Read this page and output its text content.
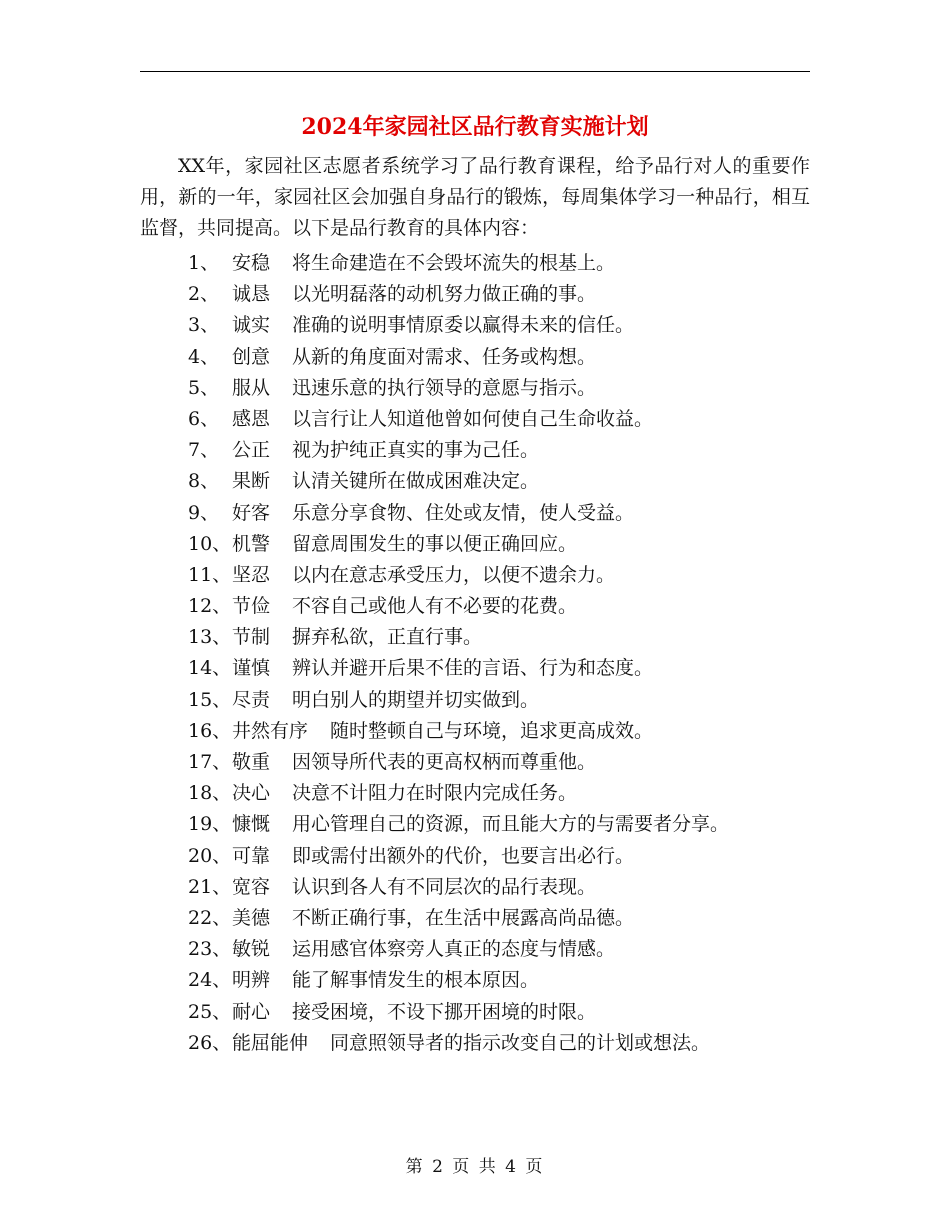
2024年家园社区品行教育实施计划

XX年，家园社区志愿者系统学习了品行教育课程，给予品行对人的重要作用，新的一年，家园社区会加强自身品行的锻炼，每周集体学习一种品行，相互监督，共同提高。以下是品行教育的具体内容：

1、 安稳 将生命建造在不会毁坏流失的根基上。
2、 诚恳 以光明磊落的动机努力做正确的事。
3、 诚实 准确的说明事情原委以赢得未来的信任。
4、 创意 从新的角度面对需求、任务或构想。
5、 服从 迅速乐意的执行领导的意愿与指示。
6、 感恩 以言行让人知道他曾如何使自己生命收益。
7、 公正 视为护纯正真实的事为己任。
8、 果断 认清关键所在做成困难决定。
9、 好客 乐意分享食物、住处或友情，使人受益。
10、机警 留意周围发生的事以便正确回应。
11、坚忍 以内在意志承受压力，以便不遗余力。
12、节俭 不容自己或他人有不必要的花费。
13、节制 摒弃私欲，正直行事。
14、谨慎 辨认并避开后果不佳的言语、行为和态度。
15、尽责 明白别人的期望并切实做到。
16、井然有序 随时整顿自己与环境，追求更高成效。
17、敬重 因领导所代表的更高权柄而尊重他。
18、决心 决意不计阻力在时限内完成任务。
19、慷慨 用心管理自己的资源，而且能大方的与需要者分享。
20、可靠 即或需付出额外的代价，也要言出必行。
21、宽容 认识到各人有不同层次的品行表现。
22、美德 不断正确行事，在生活中展露高尚品德。
23、敏锐 运用感官体察旁人真正的态度与情感。
24、明辨 能了解事情发生的根本原因。
25、耐心 接受困境，不设下挪开困境的时限。
26、能屈能伸 同意照领导者的指示改变自己的计划或想法。

第 2 页 共 4 页
